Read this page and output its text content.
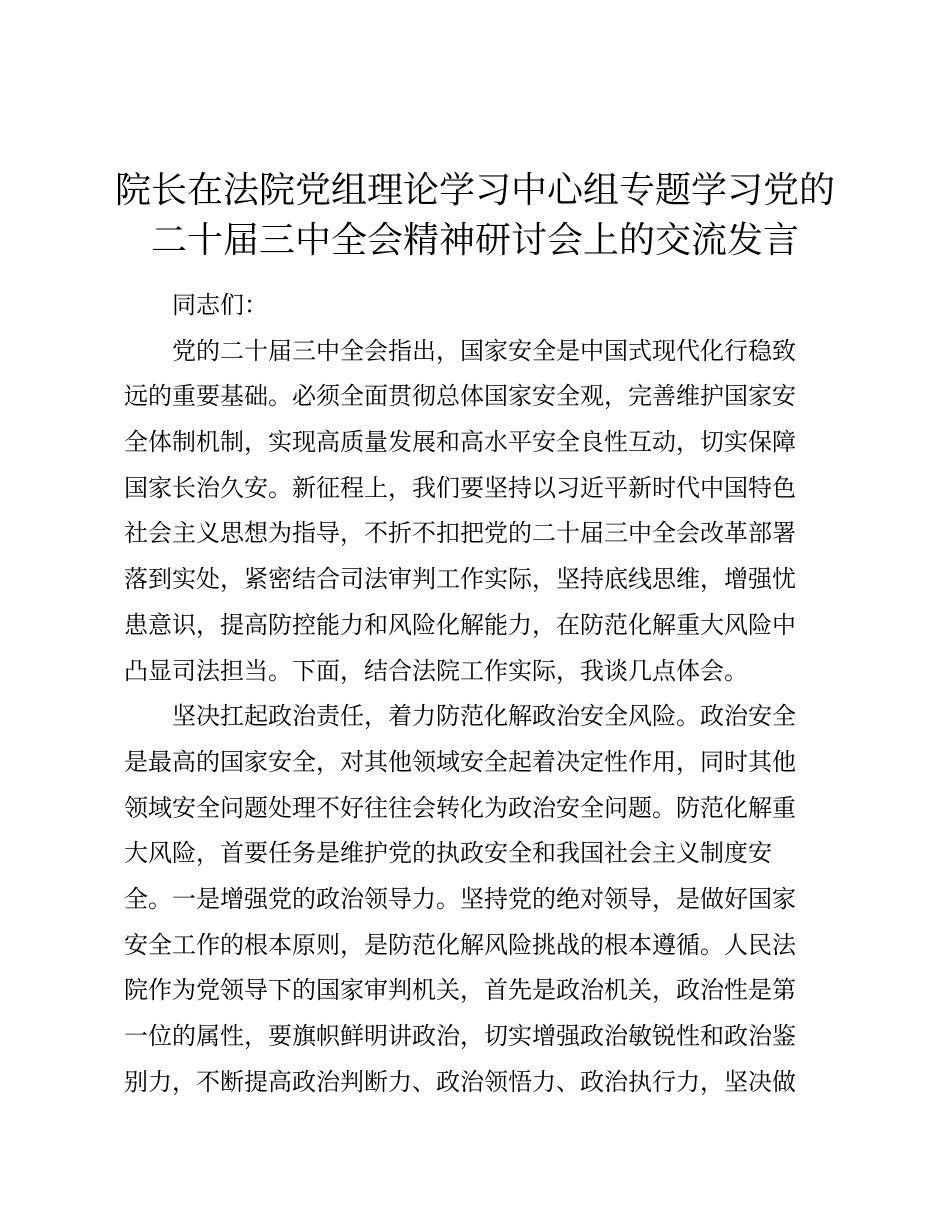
院长在法院党组理论学习中心组专题学习党的
二十届三中全会精神研讨会上的交流发言
同志们：
党的二十届三中全会指出，国家安全是中国式现代化行稳致
远的重要基础。必须全面贯彻总体国家安全观，完善维护国家安
全体制机制，实现高质量发展和高水平安全良性互动，切实保障
国家长治久安。新征程上，我们要坚持以习近平新时代中国特色
社会主义思想为指导，不折不扣把党的二十届三中全会改革部署
落到实处，紧密结合司法审判工作实际，坚持底线思维，增强忧
患意识，提高防控能力和风险化解能力，在防范化解重大风险中
凸显司法担当。下面，结合法院工作实际，我谈几点体会。
坚决扛起政治责任，着力防范化解政治安全风险。政治安全
是最高的国家安全，对其他领域安全起着决定性作用，同时其他
领域安全问题处理不好往往会转化为政治安全问题。防范化解重
大风险，首要任务是维护党的执政安全和我国社会主义制度安
全。一是增强党的政治领导力。坚持党的绝对领导，是做好国家
安全工作的根本原则，是防范化解风险挑战的根本遵循。人民法
院作为党领导下的国家审判机关，首先是政治机关，政治性是第
一位的属性，要旗帜鲜明讲政治，切实增强政治敏锐性和政治鉴
别力，不断提高政治判断力、政治领悟力、政治执行力，坚决做
